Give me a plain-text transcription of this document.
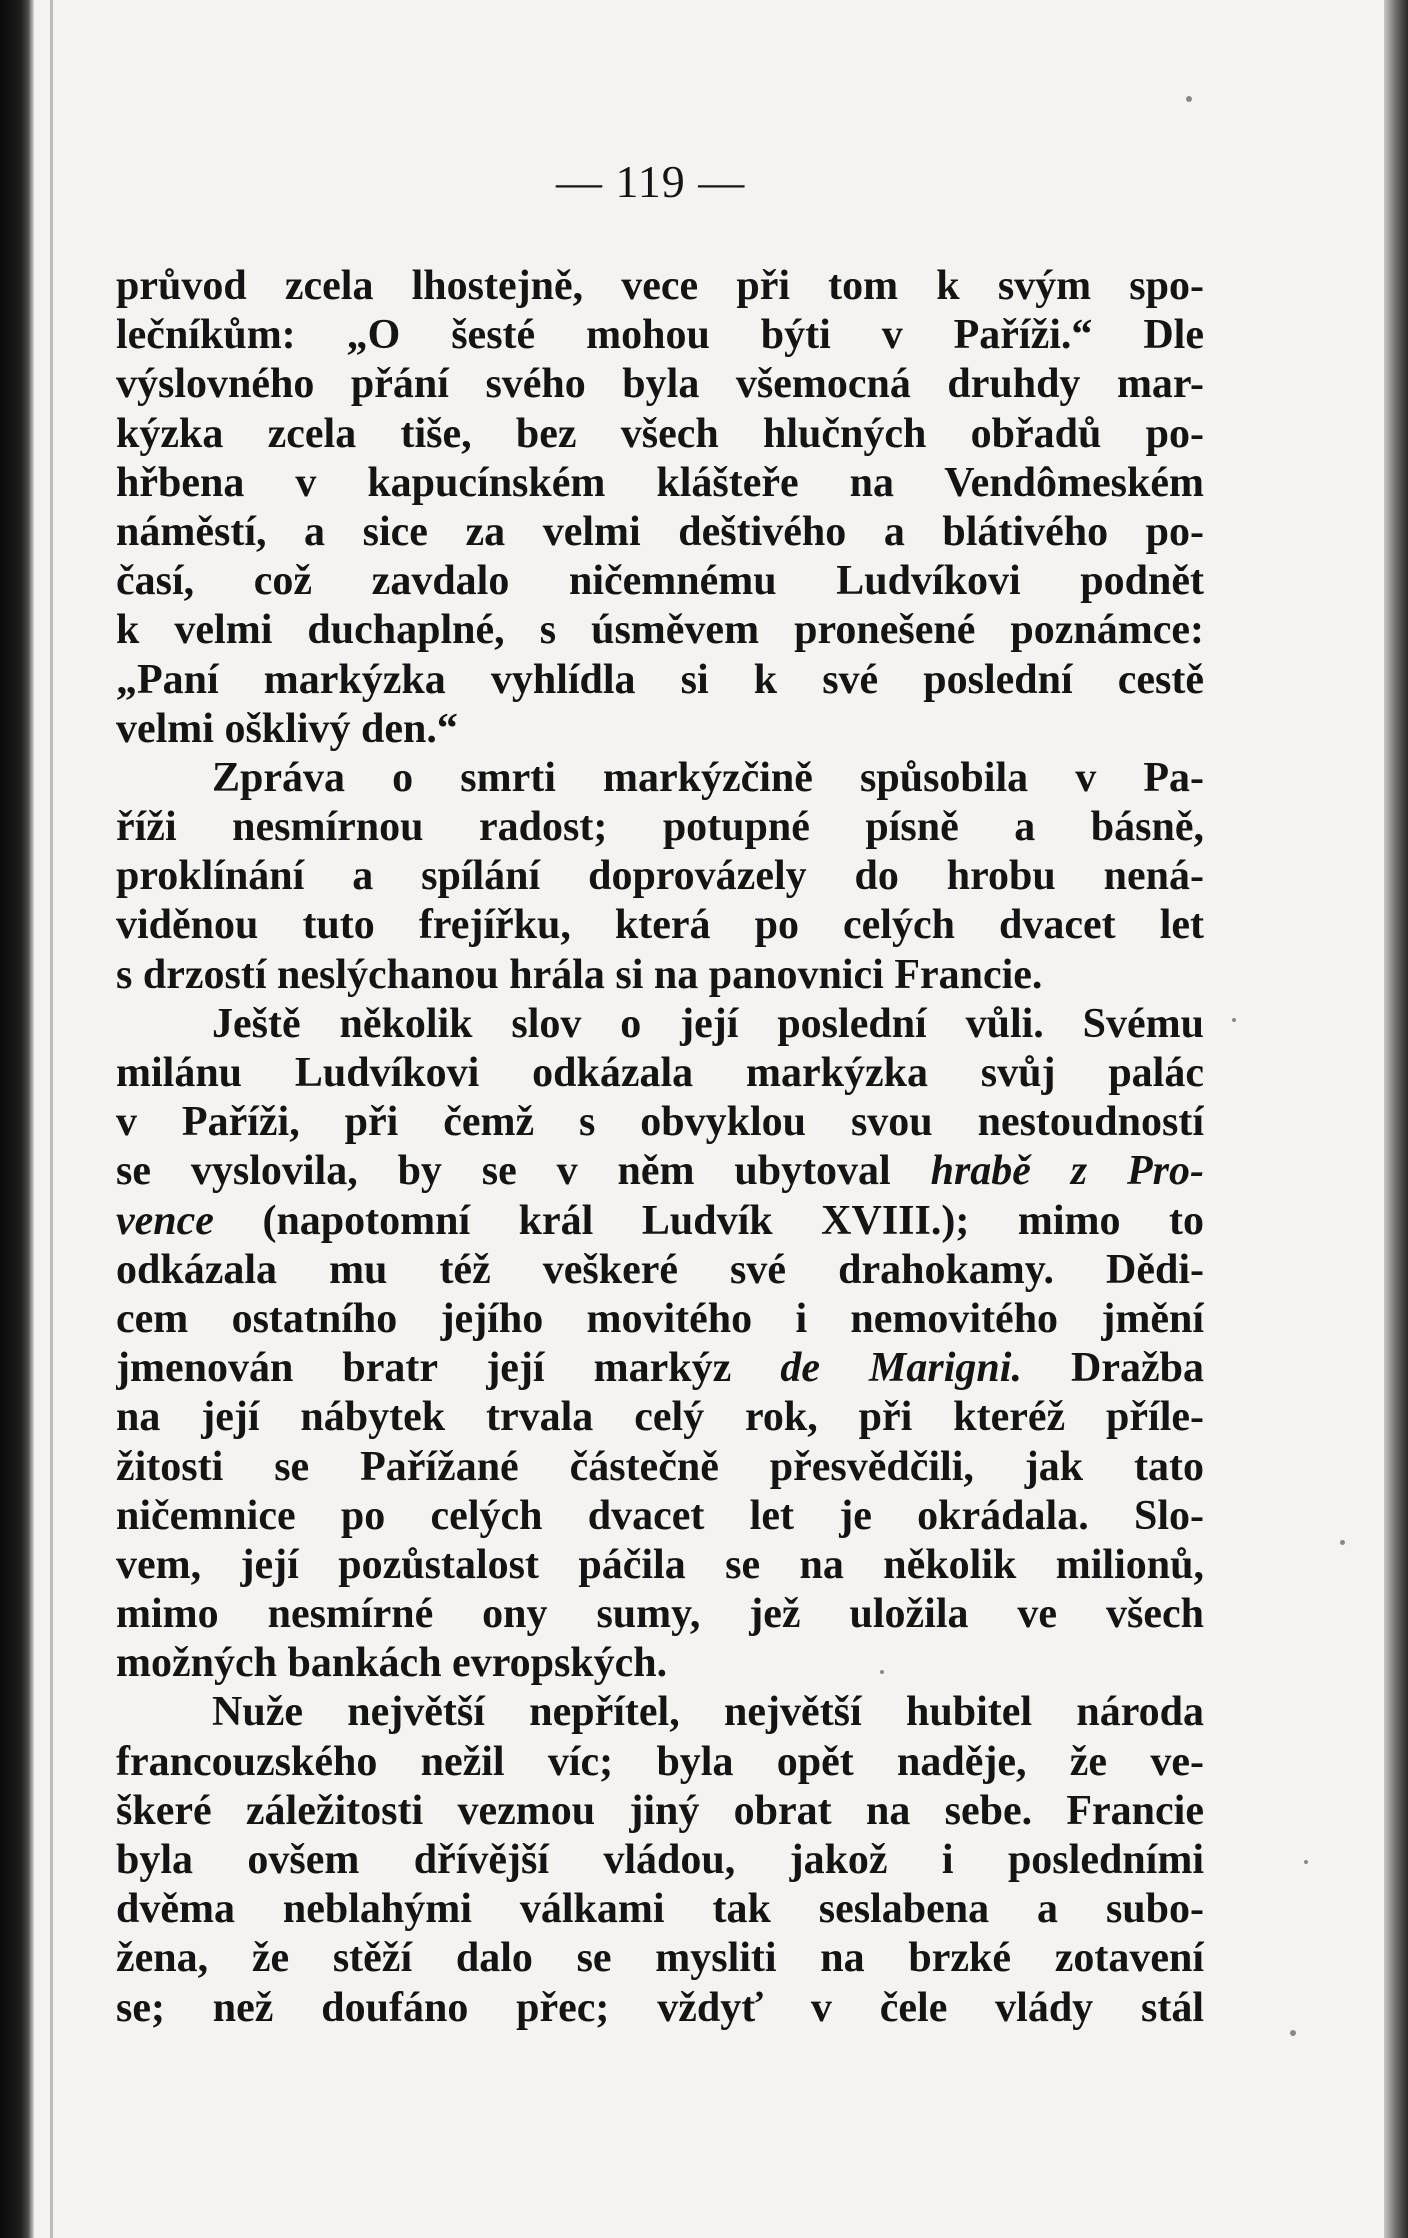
— 119 —
průvod zcela lhostejně, vece při tom k svým spo-
lečníkům: „O šesté mohou býti v Paříži.“ Dle
výslovného přání svého byla všemocná druhdy mar-
kýzka zcela tiše, bez všech hlučných obřadů po-
hřbena v kapucínském klášteře na Vendômeském
náměstí, a sice za velmi deštivého a blátivého po-
časí, což zavdalo ničemnému Ludvíkovi podnět
k velmi duchaplné, s úsměvem pronešené poznámce:
„Paní markýzka vyhlídla si k své poslední cestě
velmi ošklivý den.“
Zpráva o smrti markýzčině spůsobila v Pa-
říži nesmírnou radost; potupné písně a básně,
proklínání a spílání doprovázely do hrobu nená-
viděnou tuto frejířku, která po celých dvacet let
s drzostí neslýchanou hrála si na panovnici Francie.
Ještě několik slov o její poslední vůli. Svému
milánu Ludvíkovi odkázala markýzka svůj palác
v Paříži, při čemž s obvyklou svou nestoudností
se vyslovila, by se v něm ubytoval hrabě z Pro-
vence (napotomní král Ludvík XVIII.); mimo to
odkázala mu též veškeré své drahokamy. Dědi-
cem ostatního jejího movitého i nemovitého jmění
jmenován bratr její markýz de Marigni. Dražba
na její nábytek trvala celý rok, při kteréž příle-
žitosti se Pařížané částečně přesvědčili, jak tato
ničemnice po celých dvacet let je okrádala. Slo-
vem, její pozůstalost páčila se na několik milionů,
mimo nesmírné ony sumy, jež uložila ve všech
možných bankách evropských.
Nuže největší nepřítel, největší hubitel národa
francouzského nežil víc; byla opět naděje, že ve-
škeré záležitosti vezmou jiný obrat na sebe. Francie
byla ovšem dřívější vládou, jakož i posledními
dvěma neblahými válkami tak seslabena a subo-
žena, že stěží dalo se mysliti na brzké zotavení
se; než doufáno přec; vždyť v čele vlády stál
